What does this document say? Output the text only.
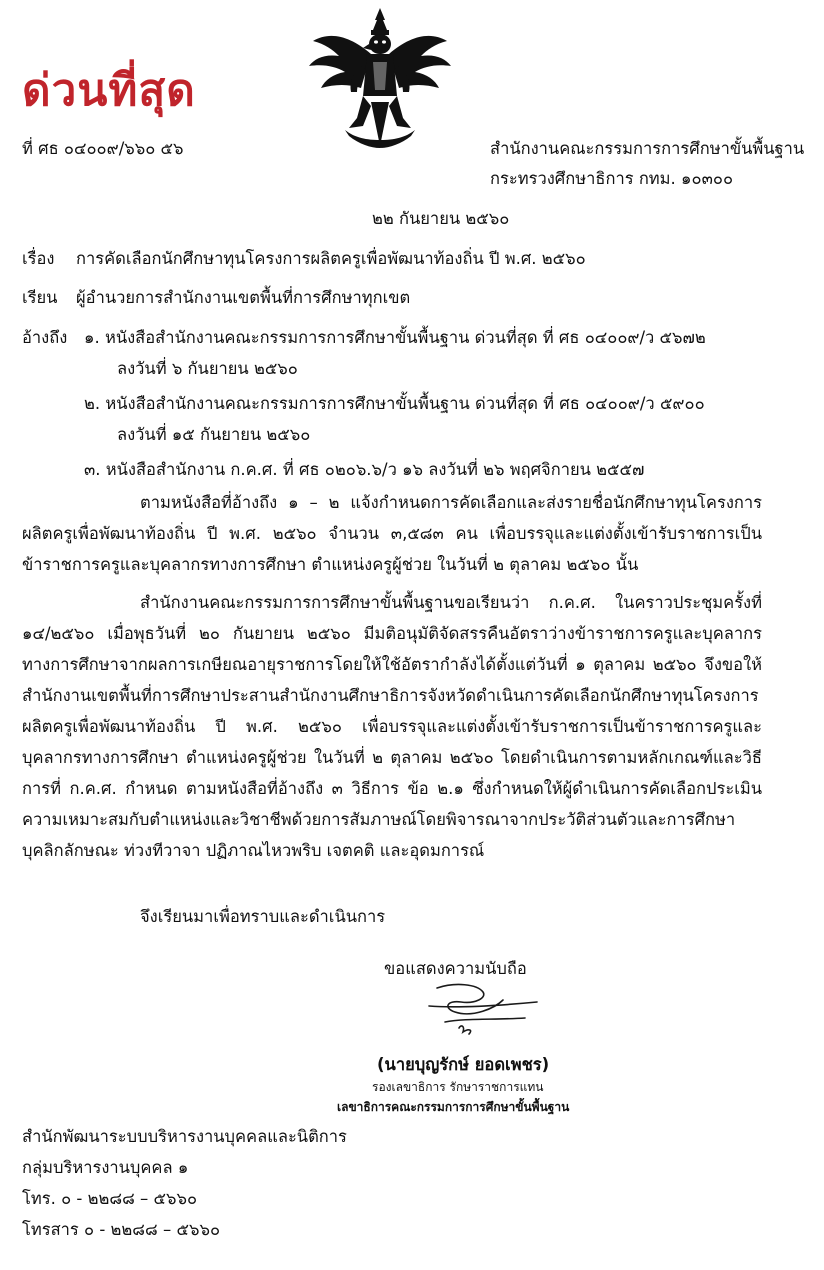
ด่วนที่สุด
ที่ ศธ ๐๔๐๐๙/๖๖๐ ๕๖	สำนักงานคณะกรรมการการศึกษาขั้นพื้นฐาน
กระทรวงศึกษาธิการ กทม. ๑๐๓๐๐
๒๒ กันยายน ๒๕๖๐
เรื่อง การคัดเลือกนักศึกษาทุนโครงการผลิตครูเพื่อพัฒนาท้องถิ่น ปี พ.ศ. ๒๕๖๐
เรียน ผู้อำนวยการสำนักงานเขตพื้นที่การศึกษาทุกเขต
อ้างถึง ๑. หนังสือสำนักงานคณะกรรมการการศึกษาขั้นพื้นฐาน ด่วนที่สุด ที่ ศธ ๐๔๐๐๙/ว ๕๖๗๒
ลงวันที่ ๖ กันยายน ๒๕๖๐
๒. หนังสือสำนักงานคณะกรรมการการศึกษาขั้นพื้นฐาน ด่วนที่สุด ที่ ศธ ๐๔๐๐๙/ว ๕๙๐๐
ลงวันที่ ๑๕ กันยายน ๒๕๖๐
๓. หนังสือสำนักงาน ก.ค.ศ. ที่ ศธ ๐๒๐๖.๖/ว ๑๖ ลงวันที่ ๒๖ พฤศจิกายน ๒๕๕๗
ตามหนังสือที่อ้างถึง ๑ – ๒ แจ้งกำหนดการคัดเลือกและส่งรายชื่อนักศึกษาทุนโครงการผลิตครูเพื่อพัฒนาท้องถิ่น ปี พ.ศ. ๒๕๖๐ จำนวน ๓,๕๘๓ คน เพื่อบรรจุและแต่งตั้งเข้ารับราชการเป็นข้าราชการครูและบุคลากรทางการศึกษา ตำแหน่งครูผู้ช่วย ในวันที่ ๒ ตุลาคม ๒๕๖๐ นั้น
สำนักงานคณะกรรมการการศึกษาขั้นพื้นฐานขอเรียนว่า ก.ค.ศ. ในคราวประชุมครั้งที่ ๑๔/๒๕๖๐ เมื่อพุธวันที่ ๒๐ กันยายน ๒๕๖๐ มีมติอนุมัติจัดสรรคืนอัตราว่างข้าราชการครูและบุคลากรทางการศึกษาจากผลการเกษียณอายุราชการโดยให้ใช้อัตรากำลังได้ตั้งแต่วันที่ ๑ ตุลาคม ๒๕๖๐ จึงขอให้สำนักงานเขตพื้นที่การศึกษาประสานสำนักงานศึกษาธิการจังหวัดดำเนินการคัดเลือกนักศึกษาทุนโครงการผลิตครูเพื่อพัฒนาท้องถิ่น ปี พ.ศ. ๒๕๖๐ เพื่อบรรจุและแต่งตั้งเข้ารับราชการเป็นข้าราชการครูและบุคลากรทางการศึกษา ตำแหน่งครูผู้ช่วย ในวันที่ ๒ ตุลาคม ๒๕๖๐ โดยดำเนินการตามหลักเกณฑ์และวิธีการที่ ก.ค.ศ. กำหนด ตามหนังสือที่อ้างถึง ๓ วิธีการ ข้อ ๒.๑ ซึ่งกำหนดให้ผู้ดำเนินการคัดเลือกประเมินความเหมาะสมกับตำแหน่งและวิชาชีพด้วยการสัมภาษณ์โดยพิจารณาจากประวัติส่วนตัวและการศึกษา บุคลิกลักษณะ ท่วงทีวาจา ปฏิภาณไหวพริบ เจตคติ และอุดมการณ์
จึงเรียนมาเพื่อทราบและดำเนินการ
ขอแสดงความนับถือ
(นายบุญรักษ์ ยอดเพชร)
รองเลขาธิการ รักษาราชการแทน
เลขาธิการคณะกรรมการการศึกษาขั้นพื้นฐาน
สำนักพัฒนาระบบบริหารงานบุคคลและนิติการ
กลุ่มบริหารงานบุคคล ๑
โทร. ๐ - ๒๒๘๘ – ๕๖๖๐
โทรสาร ๐ - ๒๒๘๘ – ๕๖๖๐
